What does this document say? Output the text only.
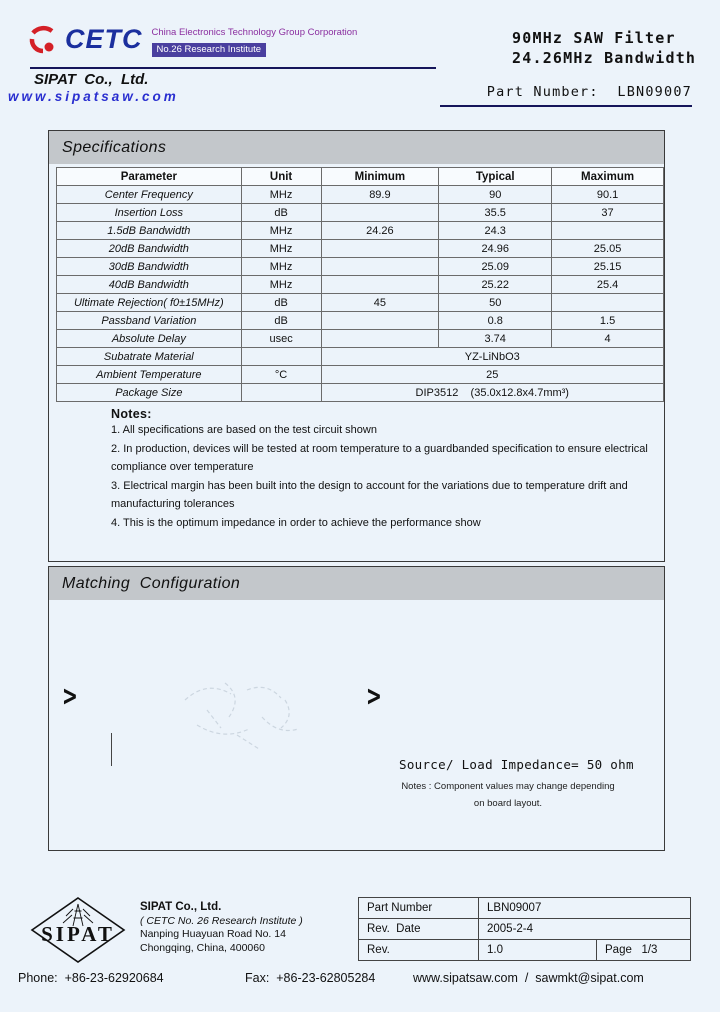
CETC China Electronics Technology Group Corporation
No.26 Research Institute
SIPAT  Co.,  Ltd.
www.sipatsaw.com
90MHz SAW Filter
24.26MHz Bandwidth
Part Number:  LBN09007
Specifications
Parameter	Unit	Minimum	Typical	Maximum
Center Frequency	MHz	89.9	90	90.1
Insertion Loss	dB		35.5	37
1.5dB Bandwidth	MHz	24.26	24.3	
20dB Bandwidth	MHz		24.96	25.05
30dB Bandwidth	MHz		25.09	25.15
40dB Bandwidth	MHz		25.22	25.4
Ultimate Rejection( f0±15MHz)	dB	45	50	
Passband Variation	dB		0.8	1.5
Absolute Delay	usec		3.74	4
Subatrate Material		YZ-LiNbO3		
Ambient Temperature	°C	25		
Package Size		DIP3512    (35.0x12.8x4.7mm³)		
Notes:
1. All specifications are based on the test circuit shown
2. In production, devices will be tested at room temperature to a guardbanded specification to ensure electrical compliance over temperature
3. Electrical margin has been built into the design to account for the variations due to temperature drift and manufacturing tolerances
4. This is the optimum impedance in order to achieve the performance show
Matching  Configuration
>	>
Source/ Load Impedance= 50 ohm
Notes : Component values may change depending
on board layout.
SIPAT
SIPAT Co., Ltd.
( CETC No. 26 Research Institute )
Nanping Huayuan Road No. 14
Chongqing, China, 400060
Part Number	LBN09007	
Rev.  Date	2005-2-4	
Rev.	1.0	Page   1/3
Phone:  +86-23-62920684	Fax:  +86-23-62805284	www.sipatsaw.com  /  sawmkt@sipat.com
